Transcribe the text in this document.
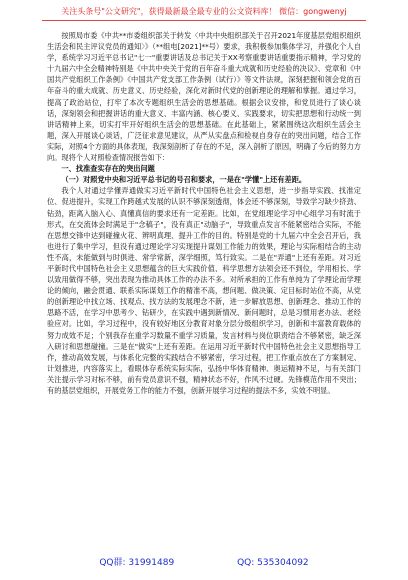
关注头条号"公文研究"，获得最新最全最专业的公文资料库！ 微信：gongwenyj

按照局市委《中共**市委组织部关于转发〈中共中央组织部关于召开2021年度基层党组织组织生活会和民主评议党员的通知〉》（**组电[2021]**号）要求，我积极参加集体学习，并强化个人自学，系统学习习近平总书记"七一"重要讲话及总书记关于XX考察重要讲话重要指示精神，学习党的十九届六中全会精神特别是《中共中央关于党的百年奋斗重大成就和历史经验的决议》、党章和《中国共产党组织工作条例》《中国共产党支部工作条例（试行）》等文件法规，深刻把握和领会党的百年奋斗的重大成就、历史意义、历史经验，深化对新时代党的创新理论的理解和掌握。通过学习，提高了政治站位，打牢了本次专题组织生活会的思想基础。根据会议安排，和党员进行了谈心谈话，深刻领会和把握讲话的重大意义、丰富内涵、核心要义、实践要求，切实把思想和行动统一到讲话精神上来，切实打牢开好组织生活会的思想基础。在此基础上，紧紧围绕这次组织生活会主题，深入开展谈心谈话，广泛征求意见建议，从严从实盘点和检视自身存在的突出问题，结合工作实际，对照4个方面的具体表现，我深刻剖析了存在的不足，深入剖析了原因，明确了今后的努力方向。现将个人对照检查情况报告如下：

一、找准查实存在的突出问题

（一）对照党中央和习近平总书记的号召和要求，一是在"学懂"上还有差距。

我个人对通过学懂弄通做实习近平新时代中国特色社会主义思想，进一步指导实践、找准定位、促进提升，实现工作跨越式发展的认识不够深刻透彻，体会还不够深刻，导致学习缺少挤劲、钻劲，距离入脑入心、真懂真信的要求还有一定差距。比如，在党组理论学习中心组学习有时流于形式，在交流体会时满足于"念稿子"，没有真正"动脑子"，导致重点发言不能紧密结合实际，不能在思想交锋中达到碰撞火花、辨明真理、提升工作的目的。特别是党的十九届六中全会召开后，我也进行了集中学习，但没有通过理论学习实现提升谋划工作能力的效果，理论与实际相结合的主动性不高，未能做到与时俱进、常学常新，深学细照，笃行致实。二是在"弄通"上还有差距。对习近平新时代中国特色社会主义思想蕴含的巨大实践价值、科学思想方法领会还不到位，学用相长、学以致用做得不够，突出表现为推动具体工作的办法不多。对所承担的工作有单纯为了学理论而学理论的倾向，融会贯通、联系实际谋划工作的精准不高，想问题、做决策、定目标时站位不高，从党的创新理论中找立场、找观点、找方法的发展理念不新，进一步解放思想、创新理念、推动工作的思路不活，在学习中思考少、钻研少，在实践中遇到新情况、新问题时，总是习惯用老办法、老经验应对。比如，学习过程中，没有较好地区分教育对象分层分级组织学习，创新和丰富教育载体的努力成效不足；个别我存在重学习数量不重学习质量，发言材料与岗位职责结合不够紧密，缺乏深入研讨和思想碰撞。三是在"做实"上还有差距。在运用习近平新时代中国特色社会主义思想指导工作，推动高效发展，与体系化完整的实践结合不够紧密，学习过程，把工作重点放在了方案制定、计划推进，内容落实上，看眼体存系统实际实际，弘扬中华体育精神、奥运精神不足，与有关部门关注提示学习对标不够，前有党员意识不强，精神状态不好，作风不过硬。先锋模范作用不突出；有的基层党组织，开展党务工作的能力不强，创新开展学习过程的提法不多，实效不明显。

QQ群: 31991489	QQ: 535304092
